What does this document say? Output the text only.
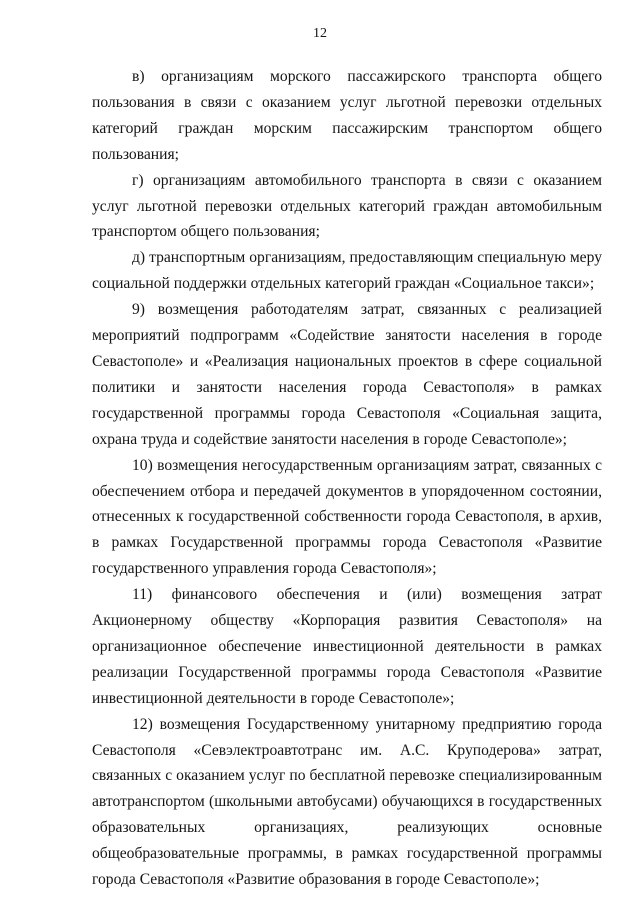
12

в) организациям морского пассажирского транспорта общего пользования в связи с оказанием услуг льготной перевозки отдельных категорий граждан морским пассажирским транспортом общего пользования;

г) организациям автомобильного транспорта в связи с оказанием услуг льготной перевозки отдельных категорий граждан автомобильным транспортом общего пользования;

д) транспортным организациям, предоставляющим специальную меру социальной поддержки отдельных категорий граждан «Социальное такси»;

9) возмещения работодателям затрат, связанных с реализацией мероприятий подпрограмм «Содействие занятости населения в городе Севастополе» и «Реализация национальных проектов в сфере социальной политики и занятости населения города Севастополя» в рамках государственной программы города Севастополя «Социальная защита, охрана труда и содействие занятости населения в городе Севастополе»;

10) возмещения негосударственным организациям затрат, связанных с обеспечением отбора и передачей документов в упорядоченном состоянии, отнесенных к государственной собственности города Севастополя, в архив, в рамках Государственной программы города Севастополя «Развитие государственного управления города Севастополя»;

11) финансового обеспечения и (или) возмещения затрат Акционерному обществу «Корпорация развития Севастополя» на организационное обеспечение инвестиционной деятельности в рамках реализации Государственной программы города Севастополя «Развитие инвестиционной деятельности в городе Севастополе»;

12) возмещения Государственному унитарному предприятию города Севастополя «Севэлектроавтотранс им. А.С. Круподерова» затрат, связанных с оказанием услуг по бесплатной перевозке специализированным автотранспортом (школьными автобусами) обучающихся в государственных образовательных организациях, реализующих основные общеобразовательные программы, в рамках государственной программы города Севастополя «Развитие образования в городе Севастополе»;
